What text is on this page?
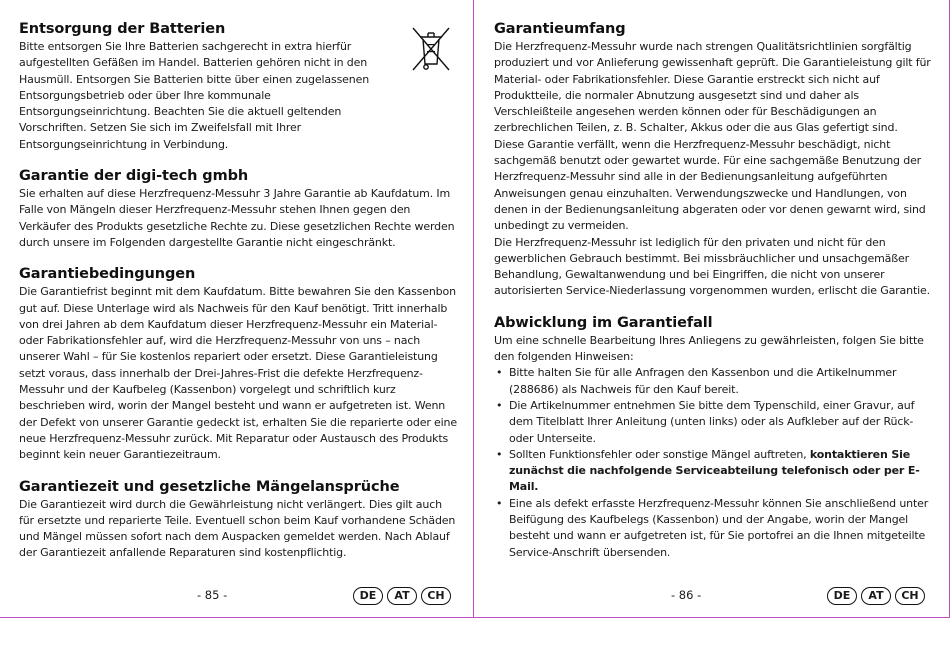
Entsorgung der Batterien

Bitte entsorgen Sie Ihre Batterien sachgerecht in extra hierfür aufgestellten Gefäßen im Handel. Batterien gehören nicht in den Hausmüll. Entsorgen Sie Batterien bitte über einen zugelassenen Entsorgungsbetrieb oder über Ihre kommunale Entsorgungseinrichtung. Beachten Sie die aktuell geltenden Vorschriften. Setzen Sie sich im Zweifelsfall mit Ihrer Entsorgungseinrichtung in Verbindung.

Garantie der digi-tech gmbh

Sie erhalten auf diese Herzfrequenz-Messuhr 3 Jahre Garantie ab Kaufdatum. Im Falle von Mängeln dieser Herzfrequenz-Messuhr stehen Ihnen gegen den Verkäufer des Produkts gesetzliche Rechte zu. Diese gesetzlichen Rechte werden durch unsere im Folgenden dargestellte Garantie nicht eingeschränkt.

Garantiebedingungen

Die Garantiefrist beginnt mit dem Kaufdatum. Bitte bewahren Sie den Kassenbon gut auf. Diese Unterlage wird als Nachweis für den Kauf benötigt. Tritt innerhalb von drei Jahren ab dem Kaufdatum dieser Herzfrequenz-Messuhr ein Material- oder Fabrikationsfehler auf, wird die Herzfrequenz-Messuhr von uns – nach unserer Wahl – für Sie kostenlos repariert oder ersetzt. Diese Garantieleistung setzt voraus, dass innerhalb der Drei-Jahres-Frist die defekte Herzfrequenz-Messuhr und der Kaufbeleg (Kassenbon) vorgelegt und schriftlich kurz beschrieben wird, worin der Mangel besteht und wann er aufgetreten ist. Wenn der Defekt von unserer Garantie gedeckt ist, erhalten Sie die reparierte oder eine neue Herzfrequenz-Messuhr zurück. Mit Reparatur oder Austausch des Produkts beginnt kein neuer Garantiezeitraum.

Garantiezeit und gesetzliche Mängelansprüche

Die Garantiezeit wird durch die Gewährleistung nicht verlängert. Dies gilt auch für ersetzte und reparierte Teile. Eventuell schon beim Kauf vorhandene Schäden und Mängel müssen sofort nach dem Auspacken gemeldet werden. Nach Ablauf der Garantiezeit anfallende Reparaturen sind kostenpflichtig.

- 85 -	DE	AT	CH
Garantieumfang

Die Herzfrequenz-Messuhr wurde nach strengen Qualitätsrichtlinien sorgfältig produziert und vor Anlieferung gewissenhaft geprüft. Die Garantieleistung gilt für Material- oder Fabrikationsfehler. Diese Garantie erstreckt sich nicht auf Produktteile, die normaler Abnutzung ausgesetzt sind und daher als Verschleißteile angesehen werden können oder für Beschädigungen an zerbrechlichen Teilen, z. B. Schalter, Akkus oder die aus Glas gefertigt sind.

Diese Garantie verfällt, wenn die Herzfrequenz-Messuhr beschädigt, nicht sachgemäß benutzt oder gewartet wurde. Für eine sachgemäße Benutzung der Herzfrequenz-Messuhr sind alle in der Bedienungsanleitung aufgeführten Anweisungen genau einzuhalten. Verwendungszwecke und Handlungen, von denen in der Bedienungsanleitung abgeraten oder vor denen gewarnt wird, sind unbedingt zu vermeiden.

Die Herzfrequenz-Messuhr ist lediglich für den privaten und nicht für den gewerblichen Gebrauch bestimmt. Bei missbräuchlicher und unsachgemäßer Behandlung, Gewaltanwendung und bei Eingriffen, die nicht von unserer autorisierten Service-Niederlassung vorgenommen wurden, erlischt die Garantie.

Abwicklung im Garantiefall

Um eine schnelle Bearbeitung Ihres Anliegens zu gewährleisten, folgen Sie bitte den folgenden Hinweisen:

• Bitte halten Sie für alle Anfragen den Kassenbon und die Artikelnummer (288686) als Nachweis für den Kauf bereit.
• Die Artikelnummer entnehmen Sie bitte dem Typenschild, einer Gravur, auf dem Titelblatt Ihrer Anleitung (unten links) oder als Aufkleber auf der Rück- oder Unterseite.
• Sollten Funktionsfehler oder sonstige Mängel auftreten, kontaktieren Sie zunächst die nachfolgende Serviceabteilung telefonisch oder per E-Mail.
• Eine als defekt erfasste Herzfrequenz-Messuhr können Sie anschließend unter Beifügung des Kaufbelegs (Kassenbon) und der Angabe, worin der Mangel besteht und wann er aufgetreten ist, für Sie portofrei an die Ihnen mitgeteilte Service-Anschrift übersenden.
- 86 -	DE	AT	CH
